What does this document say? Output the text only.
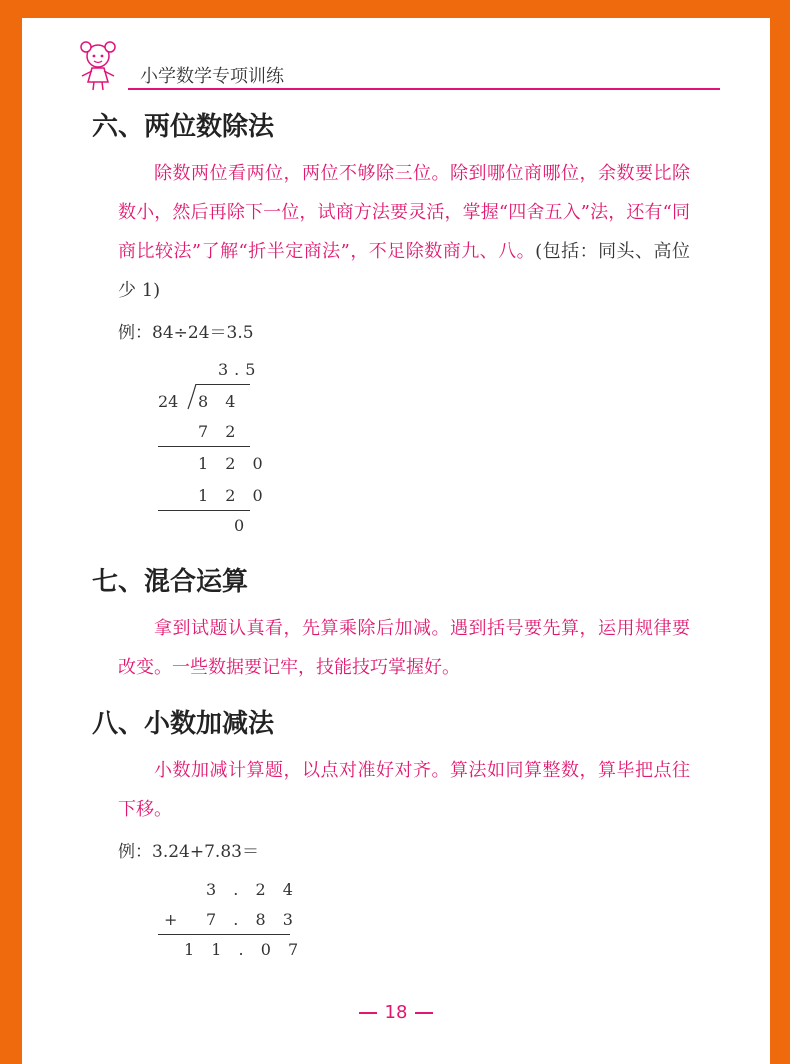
小学数学专项训练
六、两位数除法
除数两位看两位，两位不够除三位。除到哪位商哪位，余数要比除数小，然后再除下一位，试商方法要灵活，掌握“四舍五入”法，还有“同商比较法”了解“折半定商法”，不足除数商九、八。(包括：同头、高位少 1)
例：84÷24＝3.5
3.5
24 8 4
7 2
1 2 0
1 2 0
0
七、混合运算
拿到试题认真看，先算乘除后加减。遇到括号要先算，运用规律要改变。一些数据要记牢，技能技巧掌握好。
八、小数加减法
小数加减计算题，以点对准好对齐。算法如同算整数，算毕把点往下移。
例：3.24+7.83＝
3 . 2 4
+ 7 . 8 3
1 1 . 0 7
18
